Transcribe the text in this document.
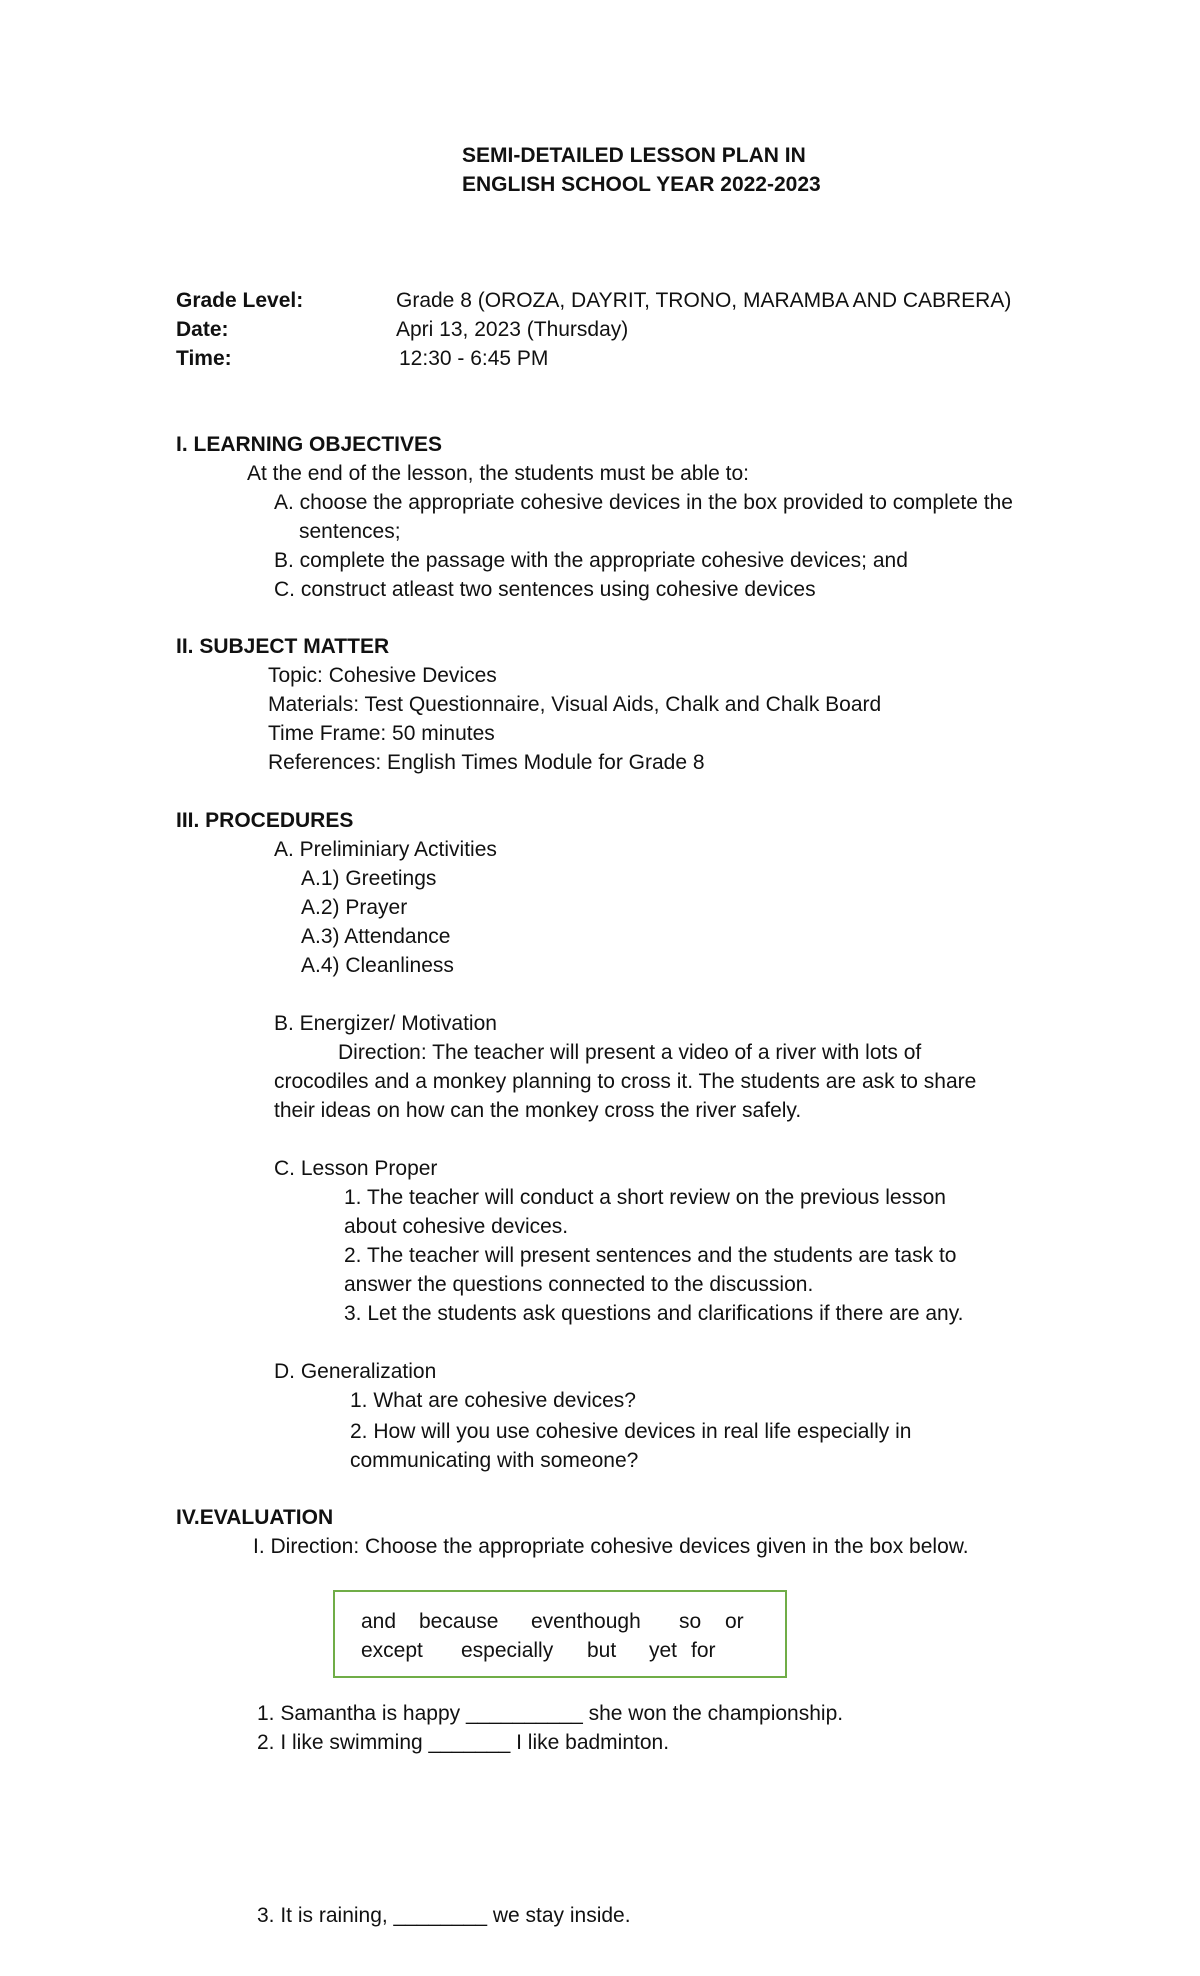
SEMI-DETAILED LESSON PLAN IN
ENGLISH SCHOOL YEAR 2022-2023
Grade Level:	Grade 8 (OROZA, DAYRIT, TRONO, MARAMBA AND CABRERA)
Date:	Apri 13, 2023 (Thursday)
Time:	12:30 - 6:45 PM
I. LEARNING OBJECTIVES
At the end of the lesson, the students must be able to:
A. choose the appropriate cohesive devices in the box provided to complete the
sentences;
B. complete the passage with the appropriate cohesive devices; and
C. construct atleast two sentences using cohesive devices
II. SUBJECT MATTER
Topic: Cohesive Devices
Materials: Test Questionnaire, Visual Aids, Chalk and Chalk Board
Time Frame: 50 minutes
References: English Times Module for Grade 8
III. PROCEDURES
A. Preliminiary Activities
A.1) Greetings
A.2) Prayer
A.3) Attendance
A.4) Cleanliness
B. Energizer/ Motivation
Direction: The teacher will present a video of a river with lots of
crocodiles and a monkey planning to cross it. The students are ask to share
their ideas on how can the monkey cross the river safely.
C. Lesson Proper
1. The teacher will conduct a short review on the previous lesson
about cohesive devices.
2. The teacher will present sentences and the students are task to
answer the questions connected to the discussion.
3. Let the students ask questions and clarifications if there are any.
D. Generalization
1. What are cohesive devices?
2. How will you use cohesive devices in real life especially in
communicating with someone?
IV.EVALUATION
I. Direction: Choose the appropriate cohesive devices given in the box below.
and	because	eventhough	so	or
except	especially	but	yet for
1. Samantha is happy __________ she won the championship.
2. I like swimming _______ I like badminton.
3. It is raining, ________ we stay inside.
